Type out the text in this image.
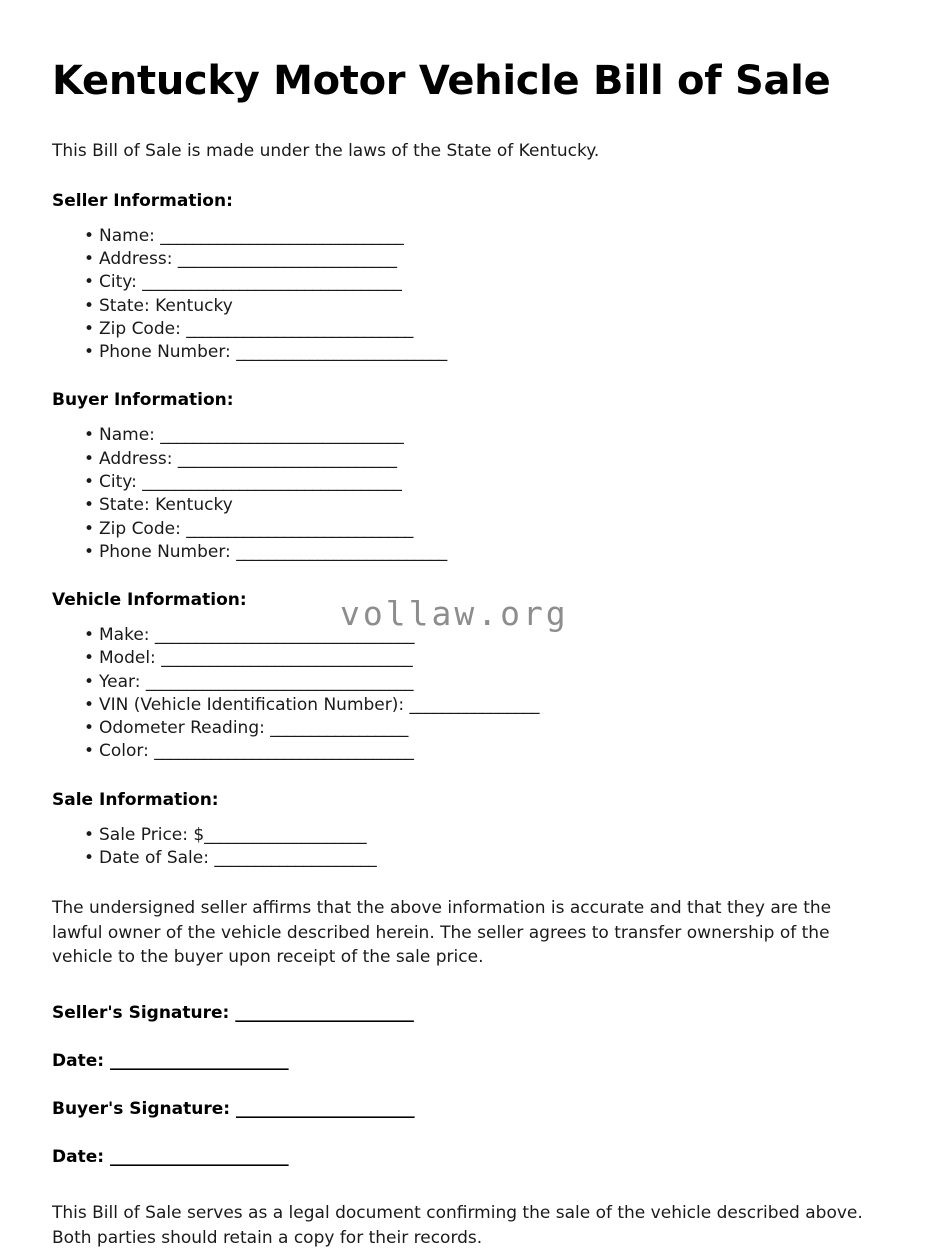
Kentucky Motor Vehicle Bill of Sale

This Bill of Sale is made under the laws of the State of Kentucky.

Seller Information:
• Name: ______________________________
• Address: ___________________________
• City: ________________________________
• State: Kentucky
• Zip Code: ____________________________
• Phone Number: __________________________
Buyer Information:
• Name: ______________________________
• Address: ___________________________
• City: ________________________________
• State: Kentucky
• Zip Code: ____________________________
• Phone Number: __________________________
Vehicle Information:
• Make: ________________________________
• Model: _______________________________
• Year: _________________________________
• VIN (Vehicle Identification Number): ________________
• Odometer Reading: _________________
• Color: ________________________________
Sale Information:
• Sale Price: $____________________
• Date of Sale: ____________________

The undersigned seller affirms that the above information is accurate and that they are the lawful owner of the vehicle described herein. The seller agrees to transfer ownership of the vehicle to the buyer upon receipt of the sale price.

Seller's Signature: ______________________

Date: ______________________

Buyer's Signature: ______________________

Date: ______________________

This Bill of Sale serves as a legal document confirming the sale of the vehicle described above. Both parties should retain a copy for their records.

vollaw.org
